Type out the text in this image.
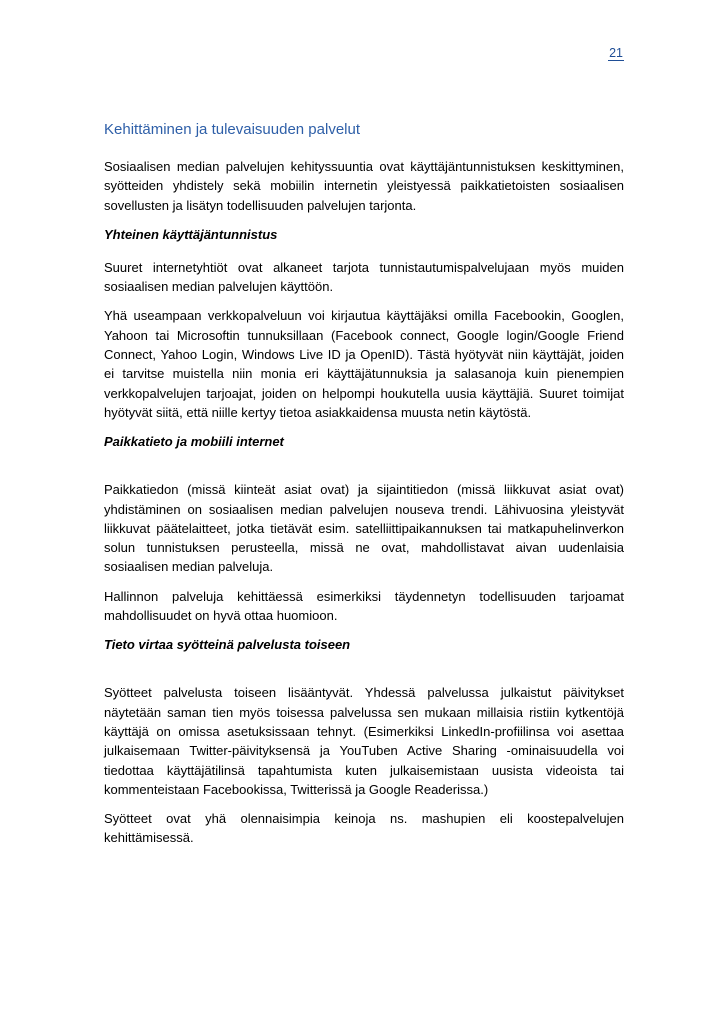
21
Kehittäminen ja tulevaisuuden palvelut

Sosiaalisen median palvelujen kehityssuuntia ovat käyttäjäntunnistuksen keskittyminen, syötteiden yhdistely sekä mobiilin internetin yleistyessä paikkatietoisten sosiaalisen sovellusten ja lisätyn todellisuuden palvelujen tarjonta.

Yhteinen käyttäjäntunnistus

Suuret internetyhtiöt ovat alkaneet tarjota tunnistautumispalvelujaan myös muiden sosiaalisen median palvelujen käyttöön.

Yhä useampaan verkkopalveluun voi kirjautua käyttäjäksi omilla Facebookin, Googlen, Yahoon tai Microsoftin tunnuksillaan (Facebook connect, Google login/Google Friend Connect, Yahoo Login, Windows Live ID ja OpenID). Tästä hyötyvät niin käyttäjät, joiden ei tarvitse muistella niin monia eri käyttäjätunnuksia ja salasanoja kuin pienempien verkkopalvelujen tarjoajat, joiden on helpompi houkutella uusia käyttäjiä. Suuret toimijat hyötyvät siitä, että niille kertyy tietoa asiakkaidensa muusta netin käytöstä.

Paikkatieto ja mobiili internet

Paikkatiedon (missä kiinteät asiat ovat) ja sijaintitiedon (missä liikkuvat asiat ovat) yhdistäminen on sosiaalisen median palvelujen nouseva trendi. Lähivuosina yleistyvät liikkuvat päätelaitteet, jotka tietävät esim. satelliittipaikannuksen tai matkapuhelinverkon solun tunnistuksen perusteella, missä ne ovat, mahdollistavat aivan uudenlaisia sosiaalisen median palveluja.

Hallinnon palveluja kehittäessä esimerkiksi täydennetyn todellisuuden tarjoamat mahdollisuudet on hyvä ottaa huomioon.

Tieto virtaa syötteinä palvelusta toiseen

Syötteet palvelusta toiseen lisääntyvät. Yhdessä palvelussa julkaistut päivitykset näytetään saman tien myös toisessa palvelussa sen mukaan millaisia ristiin kytkentöjä käyttäjä on omissa asetuksissaan tehnyt. (Esimerkiksi LinkedIn-profiilinsa voi asettaa julkaisemaan Twitter-päivityksensä ja YouTuben Active Sharing -ominaisuudella voi tiedottaa käyttäjätilinsä tapahtumista kuten julkaisemistaan uusista videoista tai kommenteistaan Facebookissa, Twitterissä ja Google Readerissa.)

Syötteet ovat yhä olennaisimpia keinoja ns. mashupien eli koostepalvelujen kehittämisessä.
